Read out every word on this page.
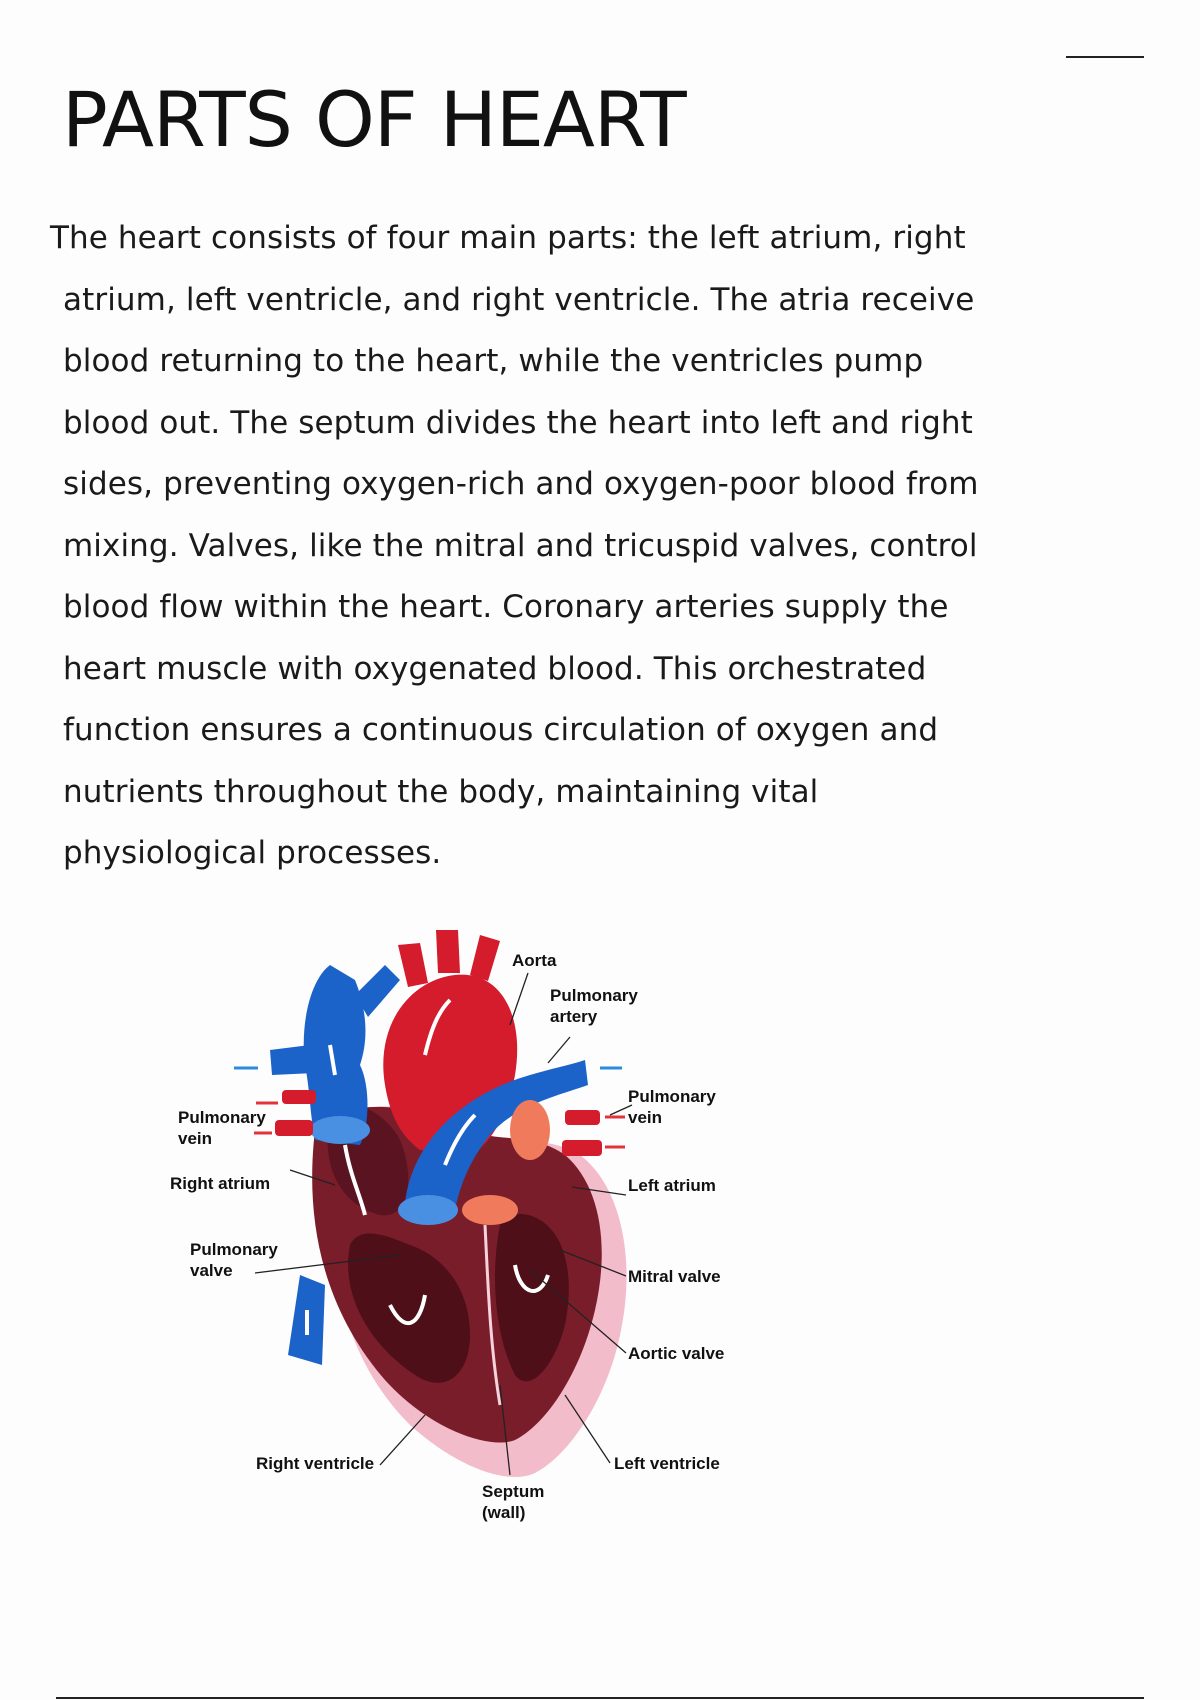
PARTS OF HEART
The heart consists of four main parts: the left atrium, right
atrium, left ventricle, and right ventricle. The atria receive
blood returning to the heart, while the ventricles pump
blood out. The septum divides the heart into left and right
sides, preventing oxygen-rich and oxygen-poor blood from
mixing. Valves, like the mitral and tricuspid valves, control
blood flow within the heart. Coronary arteries supply the
heart muscle with oxygenated blood. This orchestrated
function ensures a continuous circulation of oxygen and
nutrients throughout the body, maintaining vital
physiological processes.
Aorta
Pulmonary
artery
Pulmonary
vein
Pulmonary
vein
Right atrium	Left atrium
Pulmonary
valve	Mitral valve
Aortic valve
Right ventricle	Left ventricle
Septum
(wall)
